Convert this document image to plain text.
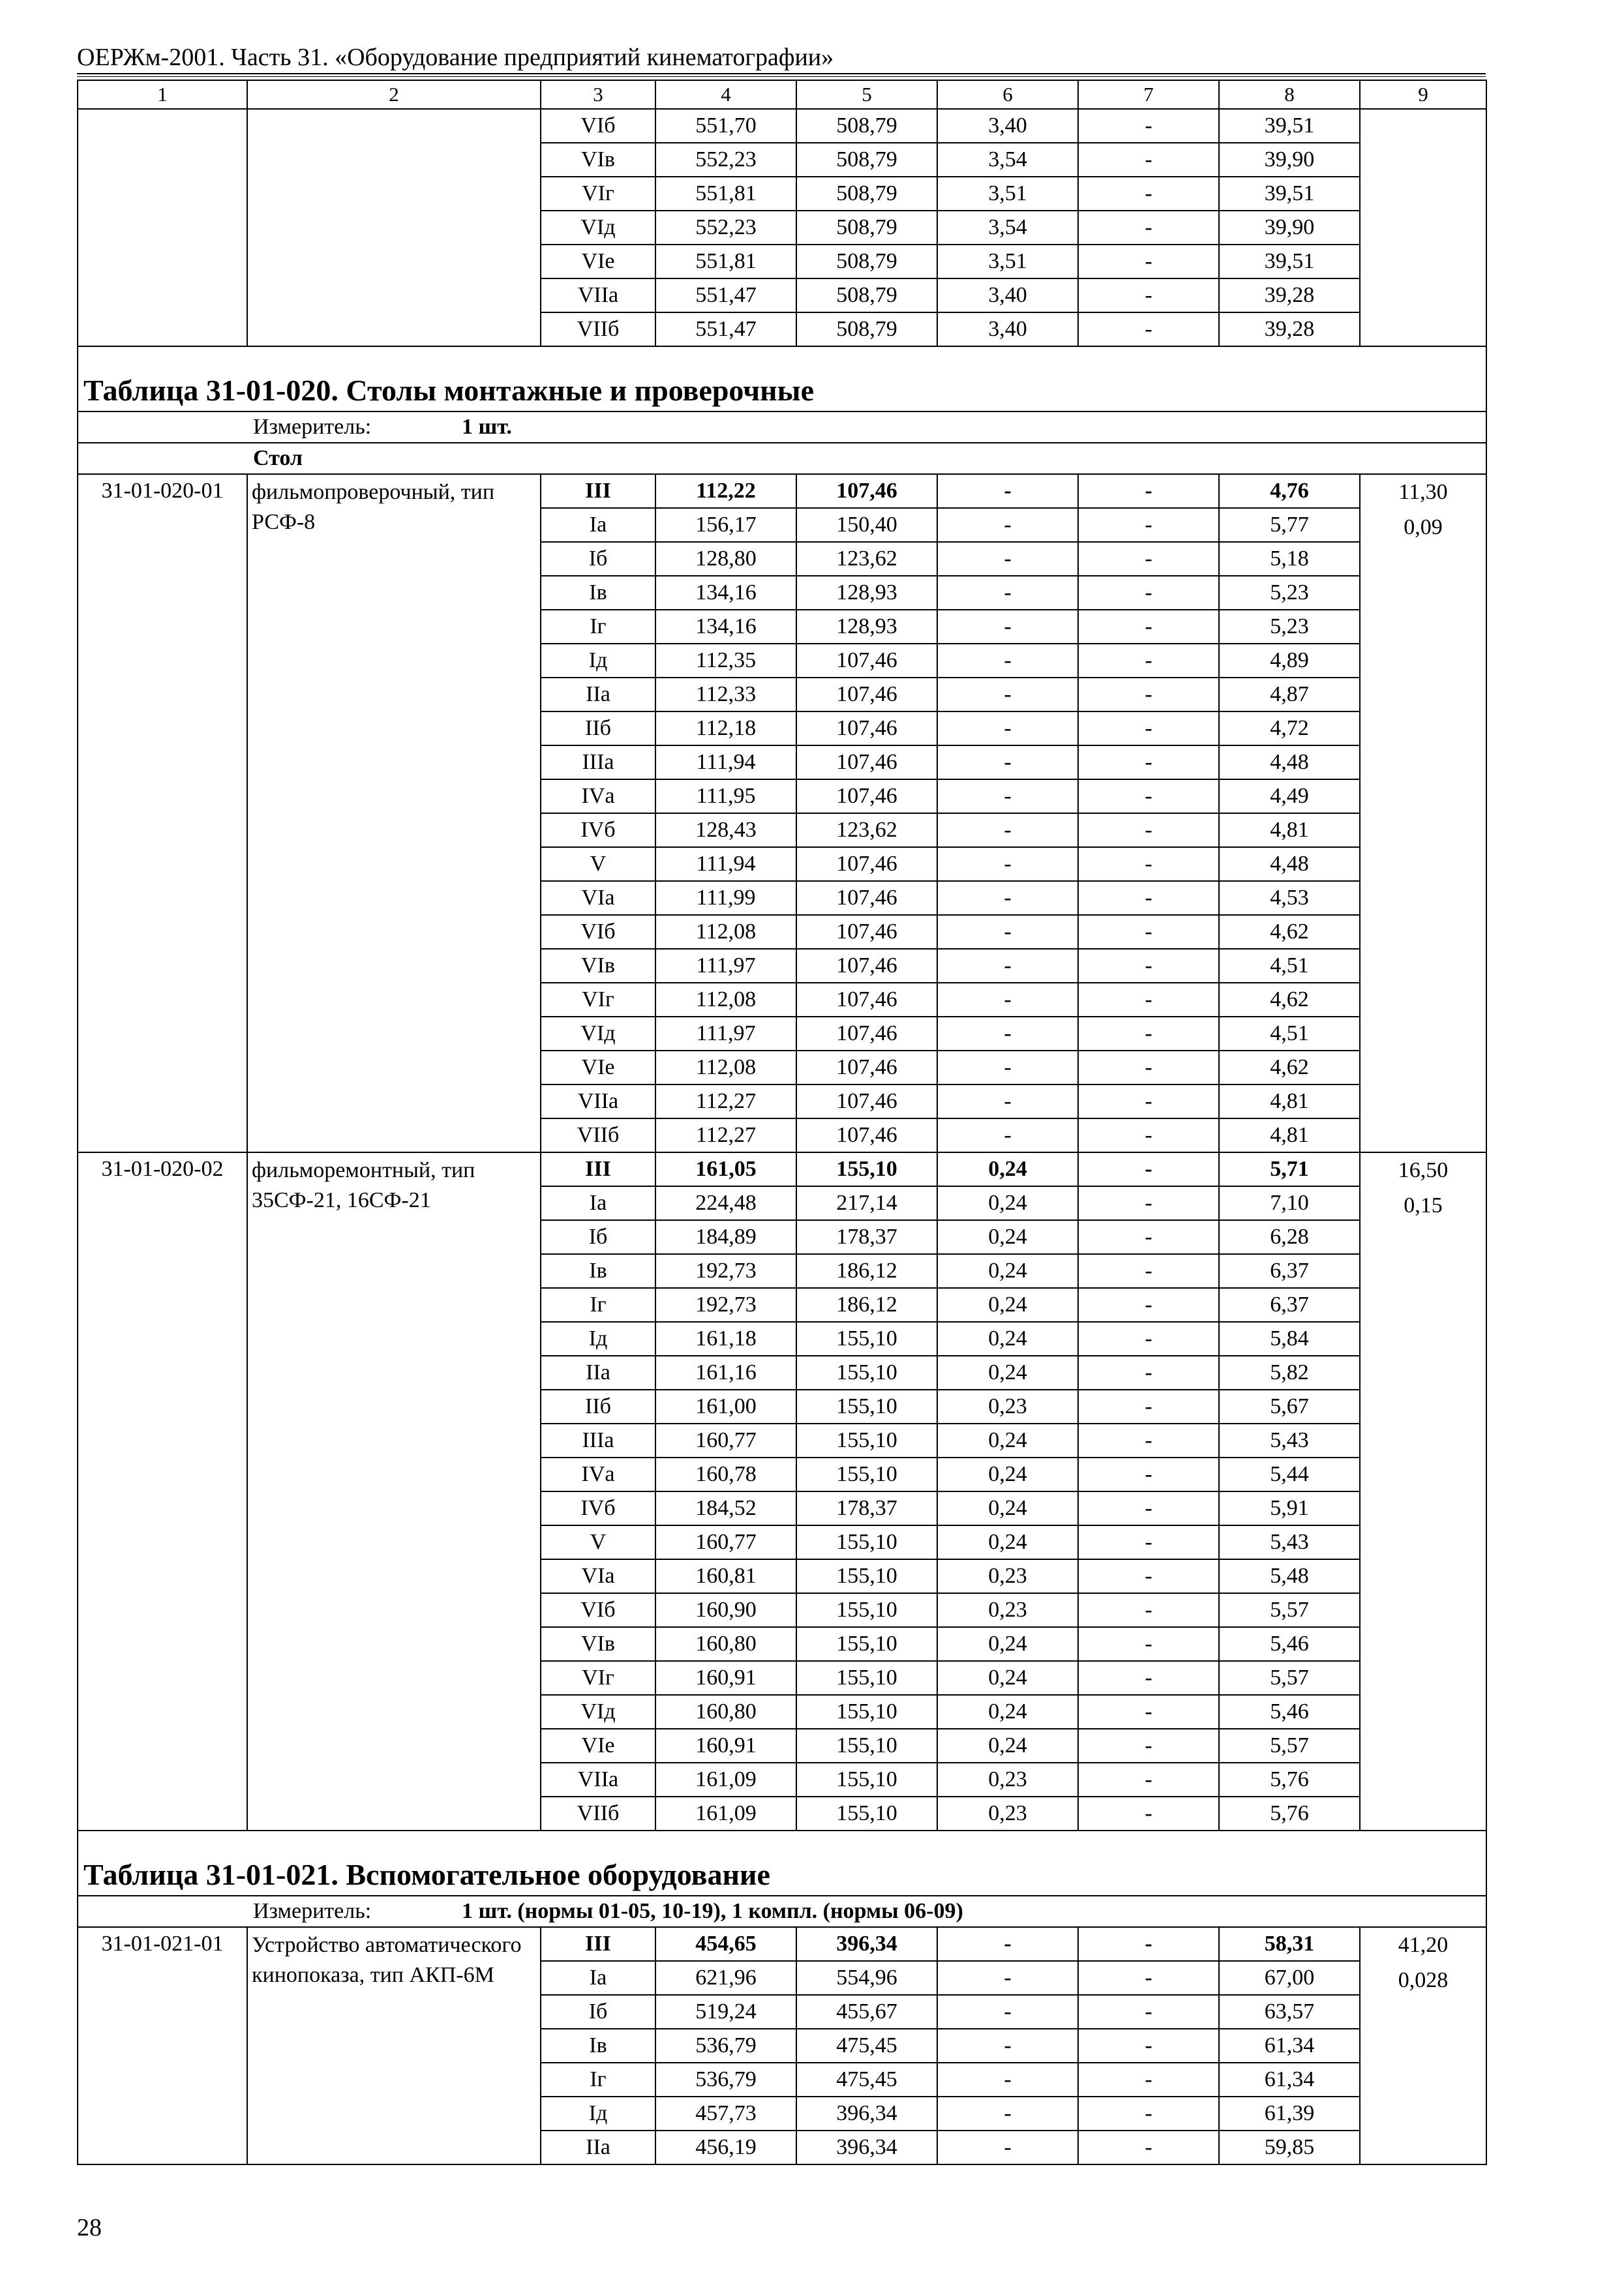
ОЕРЖм-2001. Часть 31. «Оборудование предприятий кинематографии»
1	2	3	4	5	6	7	8	9
		VIб	551,70	508,79	3,40	-	39,51	
		VIв	552,23	508,79	3,54	-	39,90	
		VIг	551,81	508,79	3,51	-	39,51	
		VIд	552,23	508,79	3,54	-	39,90	
		VIе	551,81	508,79	3,51	-	39,51	
		VIIа	551,47	508,79	3,40	-	39,28	
		VIIб	551,47	508,79	3,40	-	39,28	
Таблица 31-01-020. Столы монтажные и проверочные								
Измеритель: 1 шт.								
Стол								
31-01-020-01	фильмопроверочный, тип РСФ-8	III	112,22	107,46	-	-	4,76	11,30
0,09

		Iа	156,17	150,40	-	-	5,77	
		Iб	128,80	123,62	-	-	5,18	
		Iв	134,16	128,93	-	-	5,23	
		Iг	134,16	128,93	-	-	5,23	
		Iд	112,35	107,46	-	-	4,89	
		IIа	112,33	107,46	-	-	4,87	
		IIб	112,18	107,46	-	-	4,72	
		IIIа	111,94	107,46	-	-	4,48	
		IVа	111,95	107,46	-	-	4,49	
		IVб	128,43	123,62	-	-	4,81	
		V	111,94	107,46	-	-	4,48	
		VIа	111,99	107,46	-	-	4,53	
		VIб	112,08	107,46	-	-	4,62	
		VIв	111,97	107,46	-	-	4,51	
		VIг	112,08	107,46	-	-	4,62	
		VIд	111,97	107,46	-	-	4,51	
		VIе	112,08	107,46	-	-	4,62	
		VIIа	112,27	107,46	-	-	4,81	
		VIIб	112,27	107,46	-	-	4,81	
31-01-020-02	фильморемонтный, тип 35СФ-21, 16СФ-21	III	161,05	155,10	0,24	-	5,71	16,50
0,15

		Iа	224,48	217,14	0,24	-	7,10	
		Iб	184,89	178,37	0,24	-	6,28	
		Iв	192,73	186,12	0,24	-	6,37	
		Iг	192,73	186,12	0,24	-	6,37	
		Iд	161,18	155,10	0,24	-	5,84	
		IIа	161,16	155,10	0,24	-	5,82	
		IIб	161,00	155,10	0,23	-	5,67	
		IIIа	160,77	155,10	0,24	-	5,43	
		IVа	160,78	155,10	0,24	-	5,44	
		IVб	184,52	178,37	0,24	-	5,91	
		V	160,77	155,10	0,24	-	5,43	
		VIа	160,81	155,10	0,23	-	5,48	
		VIб	160,90	155,10	0,23	-	5,57	
		VIв	160,80	155,10	0,24	-	5,46	
		VIг	160,91	155,10	0,24	-	5,57	
		VIд	160,80	155,10	0,24	-	5,46	
		VIе	160,91	155,10	0,24	-	5,57	
		VIIа	161,09	155,10	0,23	-	5,76	
		VIIб	161,09	155,10	0,23	-	5,76	
Таблица 31-01-021. Вспомогательное оборудование								
Измеритель: 1 шт. (нормы 01-05, 10-19), 1 компл. (нормы 06-09)								
31-01-021-01	Устройство автоматического кинопоказа, тип АКП-6М	III	454,65	396,34	-	-	58,31	41,20
0,028

		Iа	621,96	554,96	-	-	67,00	
		Iб	519,24	455,67	-	-	63,57	
		Iв	536,79	475,45	-	-	61,34	
		Iг	536,79	475,45	-	-	61,34	
		Iд	457,73	396,34	-	-	61,39	
		IIа	456,19	396,34	-	-	59,85	
28
